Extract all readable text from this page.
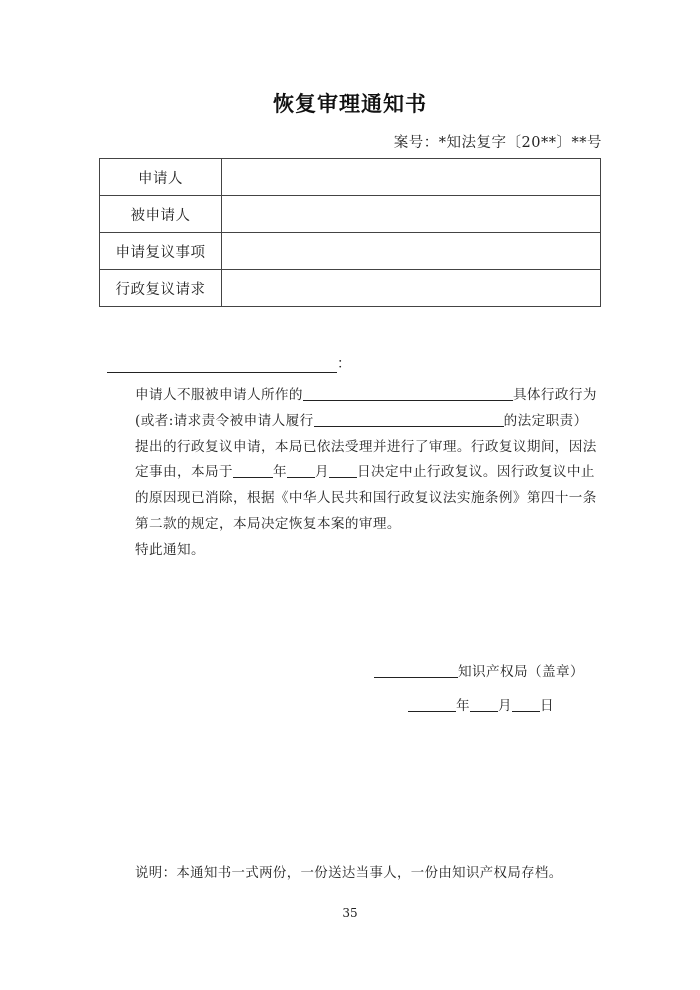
恢复审理通知书
案号：*知法复字〔20**〕**号
申请人	
被申请人	
申请复议事项	
行政复议请求	
：

申请人不服被申请人所作的	具体行政行为(或者:请求责令被申请人履行	的法定职责）提出的行政复议申请，本局已依法受理并进行了审理。行政复议期间，因法定事由，本局于	年 月 日决定中止行政复议。因行政复议中止的原因现已消除，根据《中华人民共和国行政复议法实施条例》第四十一条第二款的规定，本局决定恢复本案的审理。

特此通知。

知识产权局（盖章）
年 月 日
说明：本通知书一式两份，一份送达当事人，一份由知识产权局存档。
35
